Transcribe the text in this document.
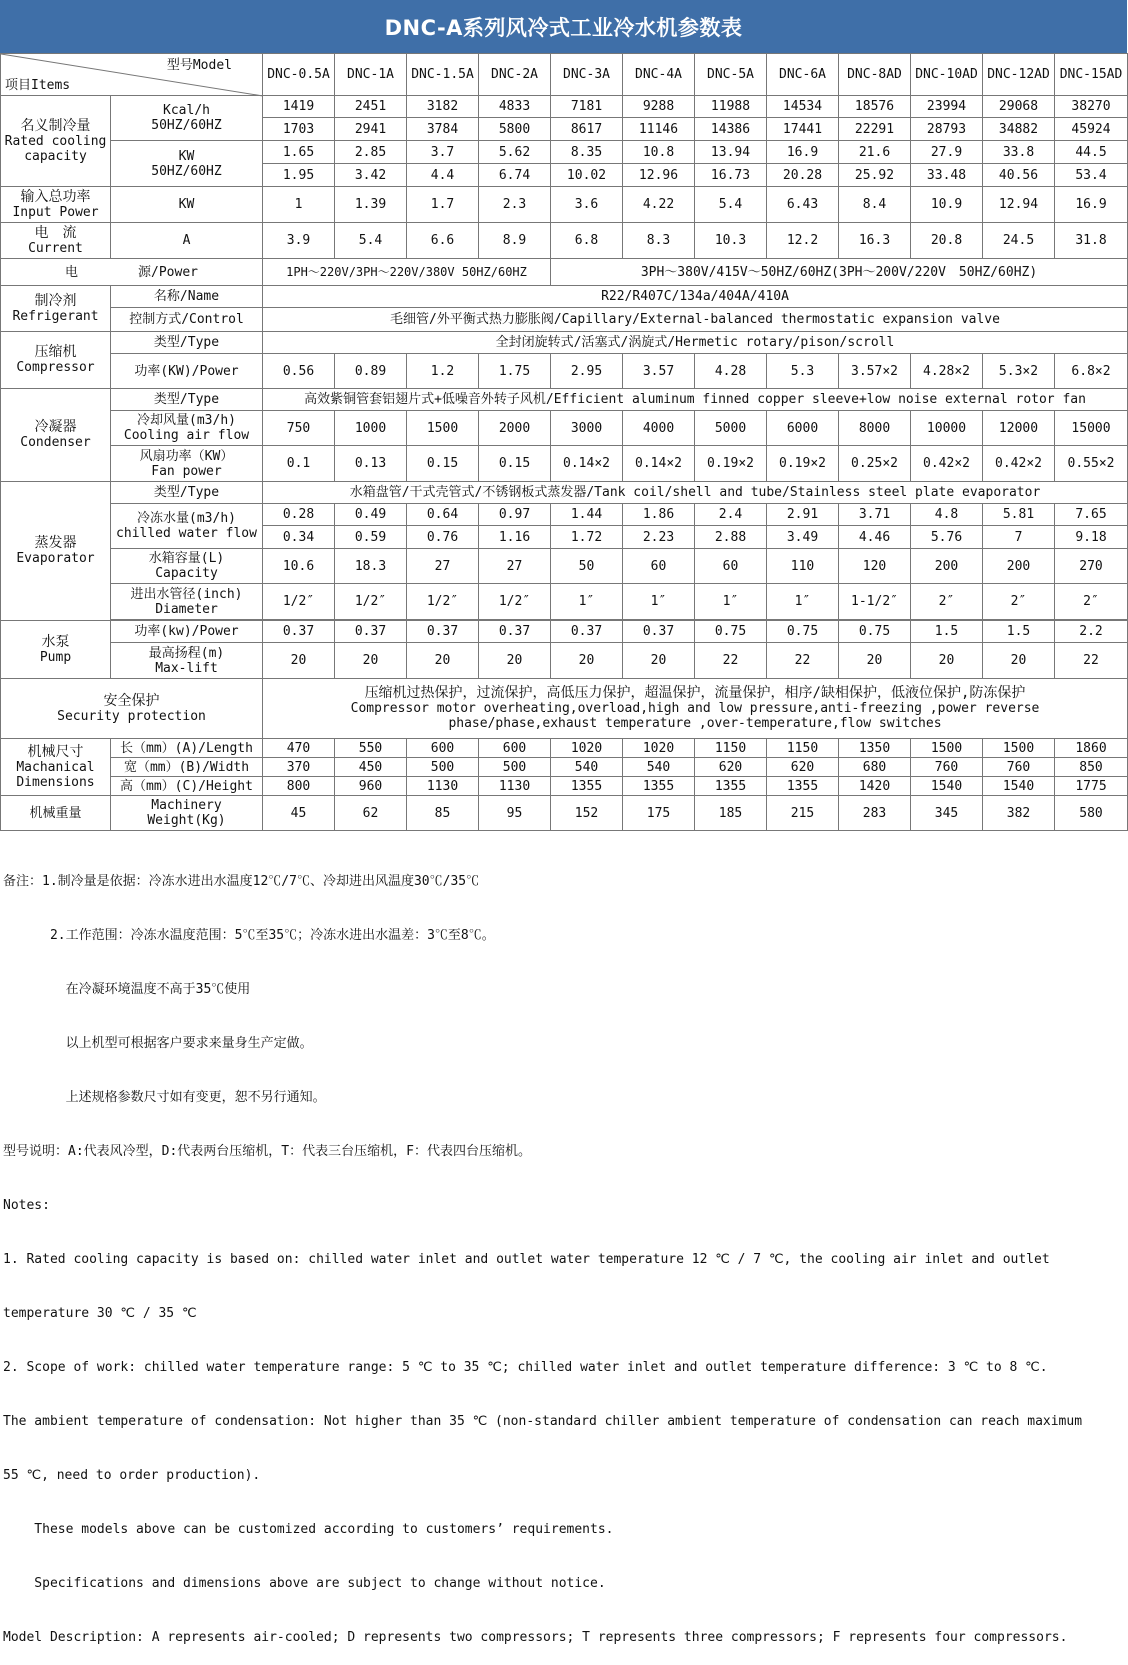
DNC-A系列风冷式工业冷水机参数表
型号Model
项目Items		DNC-0.5A	DNC-1A	DNC-1.5A	DNC-2A	DNC-3A	DNC-4A	DNC-5A	DNC-6A	DNC-8AD	DNC-10AD	DNC-12AD	DNC-15AD

名义制冷量
Rated cooling
capacity	Kcal/h
50HZ/60HZ	1419	2451	3182	4833	7181	9288	11988	14534	18576	23994	29068	38270
		1703	2941	3784	5800	8617	11146	14386	17441	22291	28793	34882	45924

	KW
50HZ/60HZ	1.65	2.85	3.7	5.62	8.35	10.8	13.94	16.9	21.6	27.9	33.8	44.5
		1.95	3.42	4.4	6.74	10.02	12.96	16.73	20.28	25.92	33.48	40.56	53.4

输入总功率
Input Power	KW	1	1.39	1.7	2.3	3.6	4.22	5.4	6.43	8.4	10.9	12.94	16.9

电　流
Current	A	3.9	5.4	6.6	8.9	6.8	8.3	10.3	12.2	16.3	20.8	24.5	31.8
电 源/Power		1PH～220V/3PH～220V/380V 50HZ/60HZ				3PH～380V/415V～50HZ/60HZ(3PH～200V/220V　50HZ/60HZ)							

制冷剂
Refrigerant	名称/Name	R22/R407C/134a/404A/410A											
	控制方式/Control	毛细管/外平衡式热力膨胀阀/Capillary/External-balanced thermostatic expansion valve											

压缩机
Compressor	类型/Type	全封闭旋转式/活塞式/涡旋式/Hermetic rotary/pison/scroll											
	功率(KW)/Power	0.56	0.89	1.2	1.75	2.95	3.57	4.28	5.3	3.57×2	4.28×2	5.3×2	6.8×2

冷凝器
Condenser	类型/Type	高效紫铜管套铝翅片式+低噪音外转子风机/Efficient aluminum finned copper sleeve+low noise external rotor fan											

	冷却风量(m3/h)
Cooling air flow	750	1000	1500	2000	3000	4000	5000	6000	8000	10000	12000	15000

	风扇功率（KW）
Fan power	0.1	0.13	0.15	0.15	0.14×2	0.14×2	0.19×2	0.19×2	0.25×2	0.42×2	0.42×2	0.55×2

蒸发器
Evaporator	类型/Type	水箱盘管/干式壳管式/不锈钢板式蒸发器/Tank coil/shell and tube/Stainless steel plate evaporator											

	冷冻水量(m3/h)
chilled water flow	0.28	0.49	0.64	0.97	1.44	1.86	2.4	2.91	3.71	4.8	5.81	7.65
		0.34	0.59	0.76	1.16	1.72	2.23	2.88	3.49	4.46	5.76	7	9.18

	水箱容量(L)
Capacity	10.6	18.3	27	27	50	60	60	110	120	200	200	270

	进出水管径(inch)
Diameter	1/2″	1/2″	1/2″	1/2″	1″	1″	1″	1″	1-1/2″	2″	2″	2″

水泵
Pump	功率(kw)/Power	0.37	0.37	0.37	0.37	0.37	0.37	0.75	0.75	0.75	1.5	1.5	2.2

	最高扬程(m)
Max-lift	20	20	20	20	20	20	22	22	20	20	20	22

安全保护
Security protection		压缩机过热保护，过流保护，高低压力保护，超温保护，流量保护，相序/缺相保护，低液位保护,防冻保护
Compressor motor overheating,overload,high and low pressure,anti-freezing ,power reverse
phase/phase,exhaust temperature ,over-temperature,flow switches											

机械尺寸
Machanical
Dimensions	长（mm）(A)/Length	470	550	600	600	1020	1020	1150	1150	1350	1500	1500	1860
	宽（mm）(B)/Width	370	450	500	500	540	540	620	620	680	760	760	850
	高（mm）(C)/Height	800	960	1130	1130	1355	1355	1355	1355	1420	1540	1540	1775
机械重量	Machinery
Weight(Kg)	45	62	85	95	152	175	185	215	283	345	382	580

备注：1.制冷量是依据：冷冻水进出水温度12℃/7℃、冷却进出风温度30℃/35℃

2.工作范围：冷冻水温度范围：5℃至35℃；冷冻水进出水温差：3℃至8℃。

在冷凝环境温度不高于35℃使用

以上机型可根据客户要求来量身生产定做。

上述规格参数尺寸如有变更，恕不另行通知。

型号说明：A:代表风冷型，D:代表两台压缩机，T：代表三台压缩机，F：代表四台压缩机。

Notes:

1. Rated cooling capacity is based on: chilled water inlet and outlet water temperature 12 ℃ / 7 ℃, the cooling air inlet and outlet

temperature 30 ℃ / 35 ℃

2. Scope of work: chilled water temperature range: 5 ℃ to 35 ℃; chilled water inlet and outlet temperature difference: 3 ℃ to 8 ℃.

The ambient temperature of condensation: Not higher than 35 ℃ (non-standard chiller ambient temperature of condensation can reach maximum

55 ℃, need to order production).

These models above can be customized according to customers’ requirements.

Specifications and dimensions above are subject to change without notice.

Model Description: A represents air-cooled; D represents two compressors; T represents three compressors; F represents four compressors.
